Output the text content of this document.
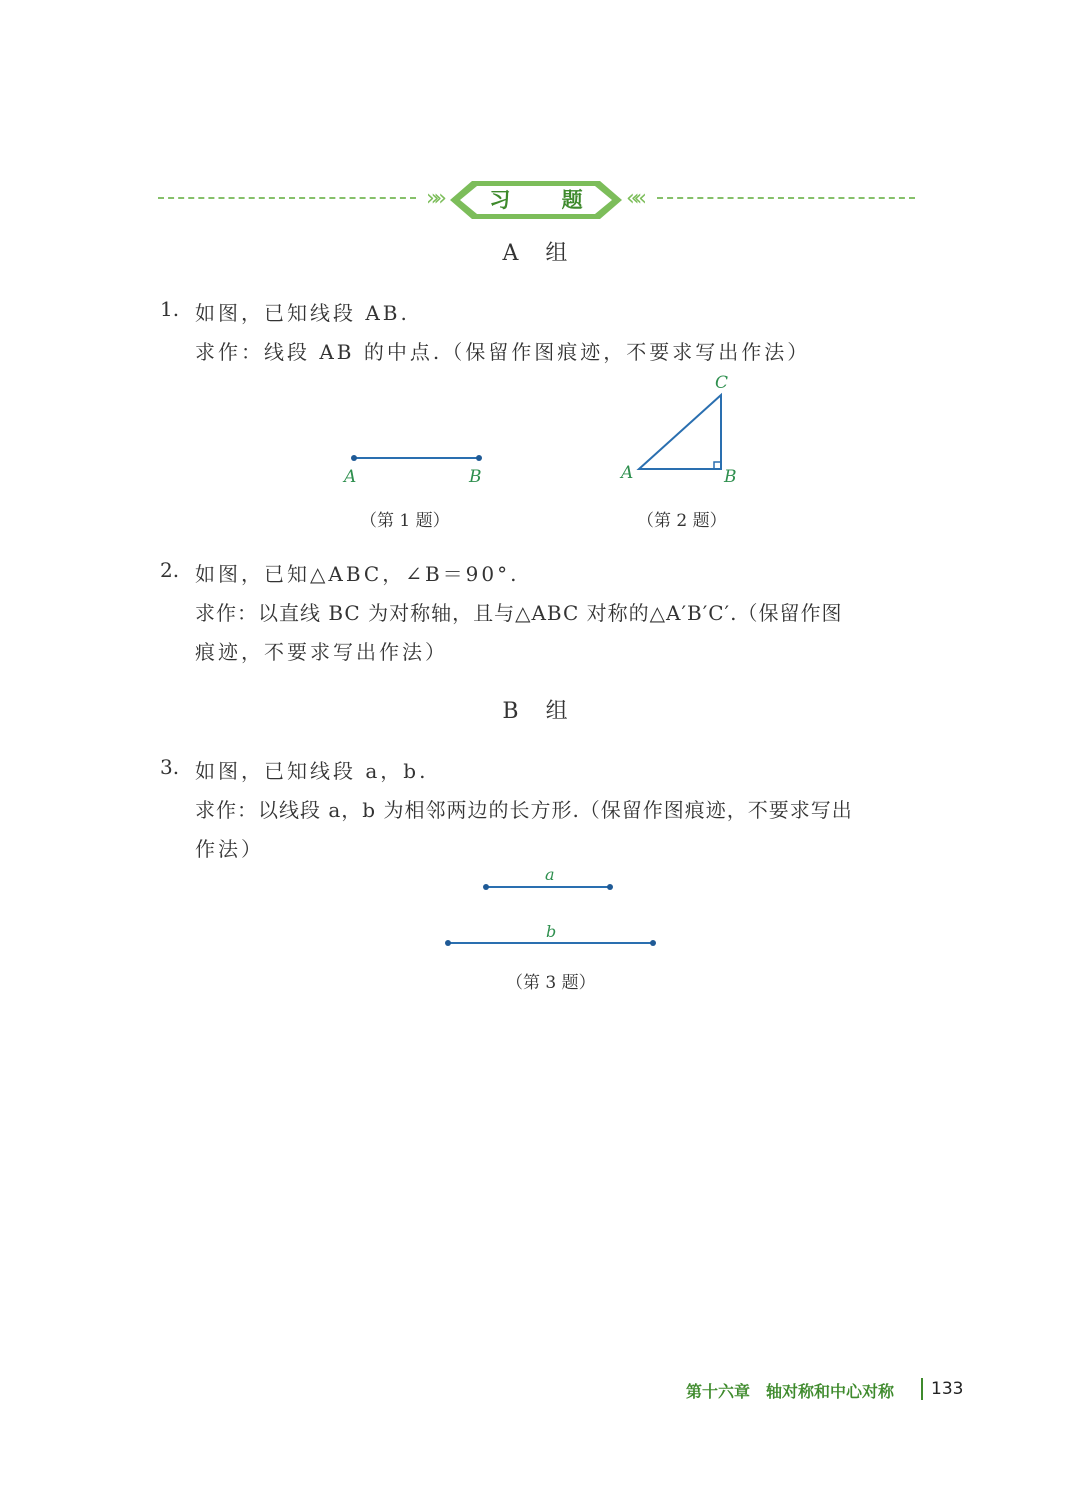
»»	习 题 ««
A 组
1. 如图，已知线段 AB.
求作：线段 AB 的中点.（保留作图痕迹，不要求写出作法）
A	B
（第 1 题）
C
A	B
（第 2 题）
2. 如图，已知△ABC，∠B＝90°.
求作：以直线 BC 为对称轴，且与△ABC 对称的△A′B′C′.（保留作图
痕迹，不要求写出作法）
B 组
3. 如图，已知线段 a，b.
求作：以线段 a，b 为相邻两边的长方形.（保留作图痕迹，不要求写出
作法）
a
b
（第 3 题）
第十六章　轴对称和中心对称 133
